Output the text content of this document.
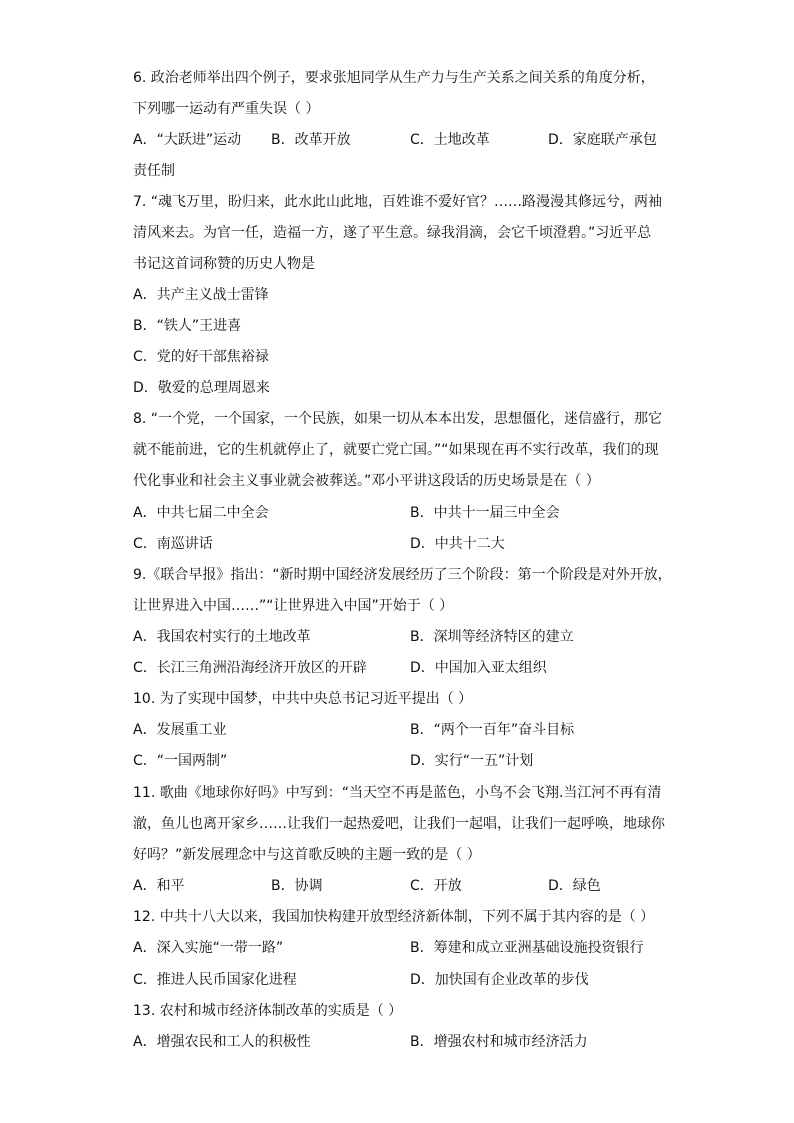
6. 政治老师举出四个例子，要求张旭同学从生产力与生产关系之间关系的角度分析，
下列哪一运动有严重失误（ ）
A．“大跃进”运动 B．改革开放	C．土地改革	D．家庭联产承包
责任制
7. “魂飞万里，盼归来，此水此山此地，百姓谁不爱好官？……路漫漫其修远兮，两袖
清风来去。为官一任，造福一方，遂了平生意。绿我涓滴，会它千顷澄碧。”习近平总
书记这首词称赞的历史人物是
A．共产主义战士雷锋
B．“铁人”王进喜
C．党的好干部焦裕禄
D．敬爱的总理周恩来
8. “一个党，一个国家，一个民族，如果一切从本本出发，思想僵化，迷信盛行，那它
就不能前进，它的生机就停止了，就要亡党亡国。”“如果现在再不实行改革，我们的现
代化事业和社会主义事业就会被葬送。”邓小平讲这段话的历史场景是在（ ）
A．中共七届二中全会	B．中共十一届三中全会
C．南巡讲话	D．中共十二大
9.《联合早报》指出：“新时期中国经济发展经历了三个阶段：第一个阶段是对外开放，
让世界进入中国……”“让世界进入中国”开始于（ ）
A．我国农村实行的土地改革	B．深圳等经济特区的建立
C．长江三角洲沿海经济开放区的开辟	D．中国加入亚太组织
10. 为了实现中国梦，中共中央总书记习近平提出（ ）
A．发展重工业	B．“两个一百年”奋斗目标
C．“一国两制”	D．实行“一五”计划
11. 歌曲《地球你好吗》中写到：“当天空不再是蓝色，小鸟不会飞翔.当江河不再有清
澈，鱼儿也离开家乡……让我们一起热爱吧，让我们一起唱，让我们一起呼唤，地球你
好吗？”新发展理念中与这首歌反映的主题一致的是（ ）
A．和平	B．协调	C．开放	D．绿色
12. 中共十八大以来，我国加快构建开放型经济新体制，下列不属于其内容的是（ ）
A．深入实施“一带一路”	B．筹建和成立亚洲基础设施投资银行
C．推进人民币国家化进程	D．加快国有企业改革的步伐
13. 农村和城市经济体制改革的实质是（ ）
A．增强农民和工人的积极性	B．增强农村和城市经济活力
